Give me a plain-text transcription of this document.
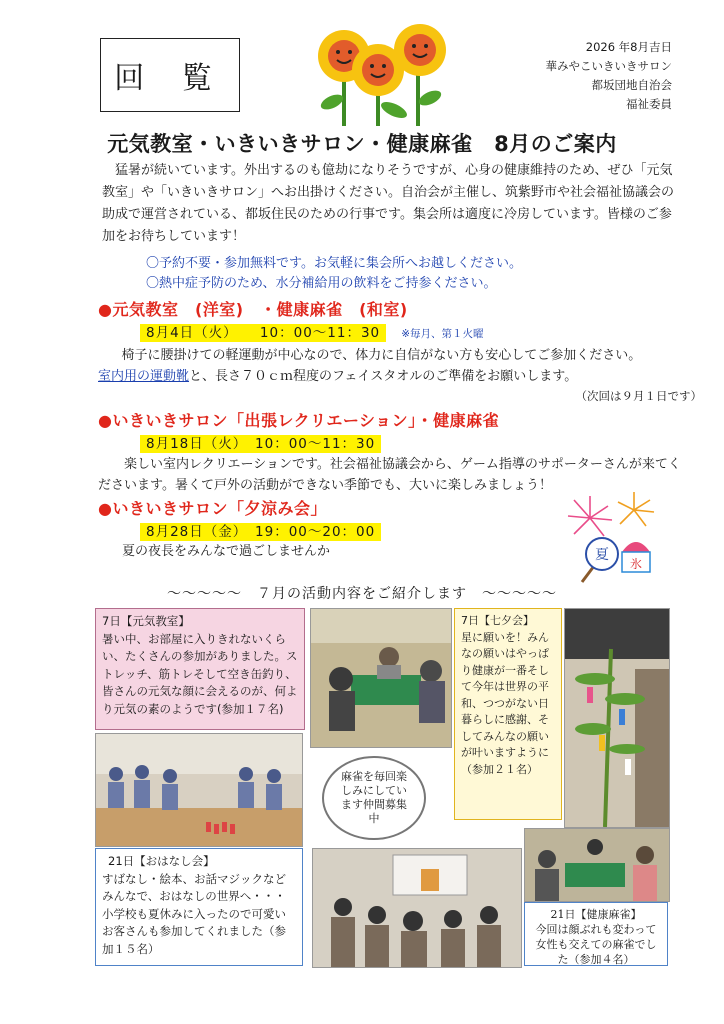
回 覧
2026 年8月吉日
華みやこいきいきサロン
都坂団地自治会
福祉委員
元気教室・いきいきサロン・健康麻雀　8月のご案内
猛暑が続いています。外出するのも億劫になりそうですが、心身の健康維持のため、ぜひ「元気教室」や「いきいきサロン」へお出掛けください。自治会が主催し、筑紫野市や社会福祉協議会の助成で運営されている、都坂住民のための行事です。集会所は適度に冷房しています。皆様のご参加をお待ちしています！
〇予約不要・参加無料です。お気軽に集会所へお越しください。
〇熱中症予防のため、水分補給用の飲料をご持参ください。
●元気教室　(洋室)　・健康麻雀　(和室)
8月4日（火）　　10：00〜11：30 ※毎月、第１火曜
椅子に腰掛けての軽運動が中心なので、体力に自信がない方も安心してご参加ください。
室内用の運動靴と、長さ７０ｃｍ程度のフェイスタオルのご準備をお願いします。
（次回は９月１日です）
●いきいきサロン「出張レクリエーション」・健康麻雀
8月18日（火）　10：00〜11：30
楽しい室内レクリエーションです。社会福祉協議会から、ゲーム指導のサポーターさんが来てくださいます。暑くて戸外の活動ができない季節でも、大いに楽しみましょう！
●いきいきサロン「夕涼み会」
8月28日（金）　19：00〜20：00
夏の夜長をみんなで過ごしませんか	夏
氷
〜〜〜〜〜　７月の活動内容をご紹介します　〜〜〜〜〜
7日【元気教室】
暑い中、お部屋に入りきれないくらい、たくさんの参加がありました。ストレッチ、筋トレそして空き缶釣り、皆さんの元気な顔に会えるのが、何より元気の素のようです(参加１７名)
7日【七夕会】
星に願いを！みんなの願いはやっぱり健康が一番そして今年は世界の平和、つつがない日暮らしに感謝、そしてみんなの願いが叶いますように（参加２１名）
麻雀を毎回楽しみにしています仲間募集中
21日【おはなし会】
すばなし・絵本、お話マジックなどみんなで、おはなしの世界へ・・・小学校も夏休みに入ったので可愛いお客さんも参加してくれました（参加１５名）
21日【健康麻雀】
今回は顔ぶれも変わって女性も交えての麻雀でした（参加４名）
